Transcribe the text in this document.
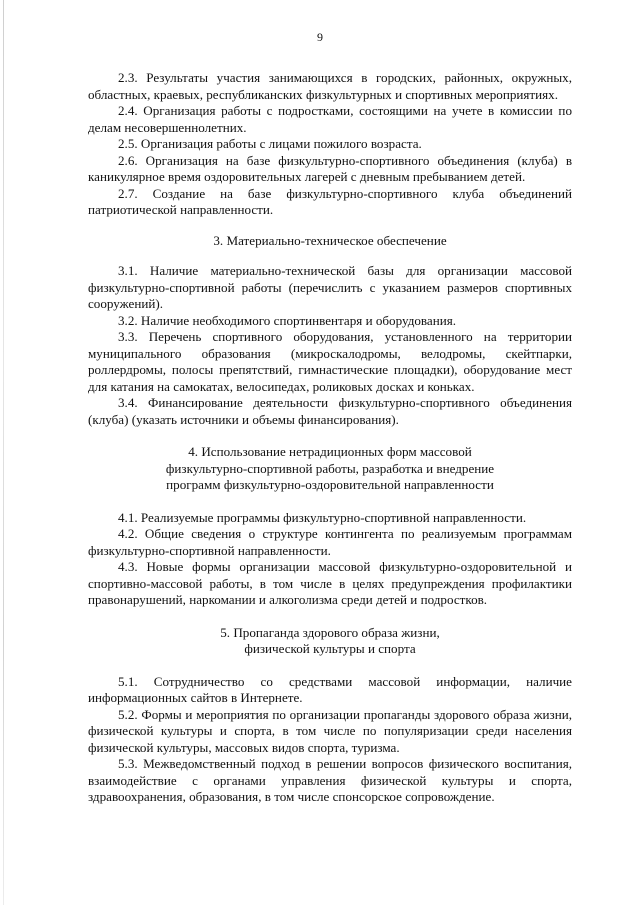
9

2.3. Результаты участия занимающихся в городских, районных, окружных, областных, краевых, республиканских физкультурных и спортивных мероприятиях.

2.4. Организация работы с подростками, состоящими на учете в комиссии по делам несовершеннолетних.

2.5. Организация работы с лицами пожилого возраста.

2.6. Организация на базе физкультурно-спортивного объединения (клуба) в каникулярное время оздоровительных лагерей с дневным пребыванием детей.

2.7. Создание на базе физкультурно-спортивного клуба объединений патриотической направленности.

3. Материально-техническое обеспечение

3.1. Наличие материально-технической базы для организации массовой физкультурно-спортивной работы (перечислить с указанием размеров спортивных сооружений).

3.2. Наличие необходимого спортинвентаря и оборудования.

3.3. Перечень спортивного оборудования, установленного на территории муниципального образования (микроскалодромы, велодромы, скейтпарки, роллердромы, полосы препятствий, гимнастические площадки), оборудование мест для катания на самокатах, велосипедах, роликовых досках и коньках.

3.4. Финансирование деятельности физкультурно-спортивного объединения (клуба) (указать источники и объемы финансирования).

4. Использование нетрадиционных форм массовой
физкультурно-спортивной работы, разработка и внедрение
программ физкультурно-оздоровительной направленности

4.1. Реализуемые программы физкультурно-спортивной направленности.

4.2. Общие сведения о структуре контингента по реализуемым программам физкультурно-спортивной направленности.

4.3. Новые формы организации массовой физкультурно-оздоровительной и спортивно-массовой работы, в том числе в целях предупреждения профилактики правонарушений, наркомании и алкоголизма среди детей и подростков.

5. Пропаганда здорового образа жизни,
физической культуры и спорта

5.1. Сотрудничество со средствами массовой информации, наличие информационных сайтов в Интернете.

5.2. Формы и мероприятия по организации пропаганды здорового образа жизни, физической культуры и спорта, в том числе по популяризации среди населения физической культуры, массовых видов спорта, туризма.

5.3. Межведомственный подход в решении вопросов физического воспитания, взаимодействие с органами управления физической культуры и спорта, здравоохранения, образования, в том числе спонсорское сопровождение.
